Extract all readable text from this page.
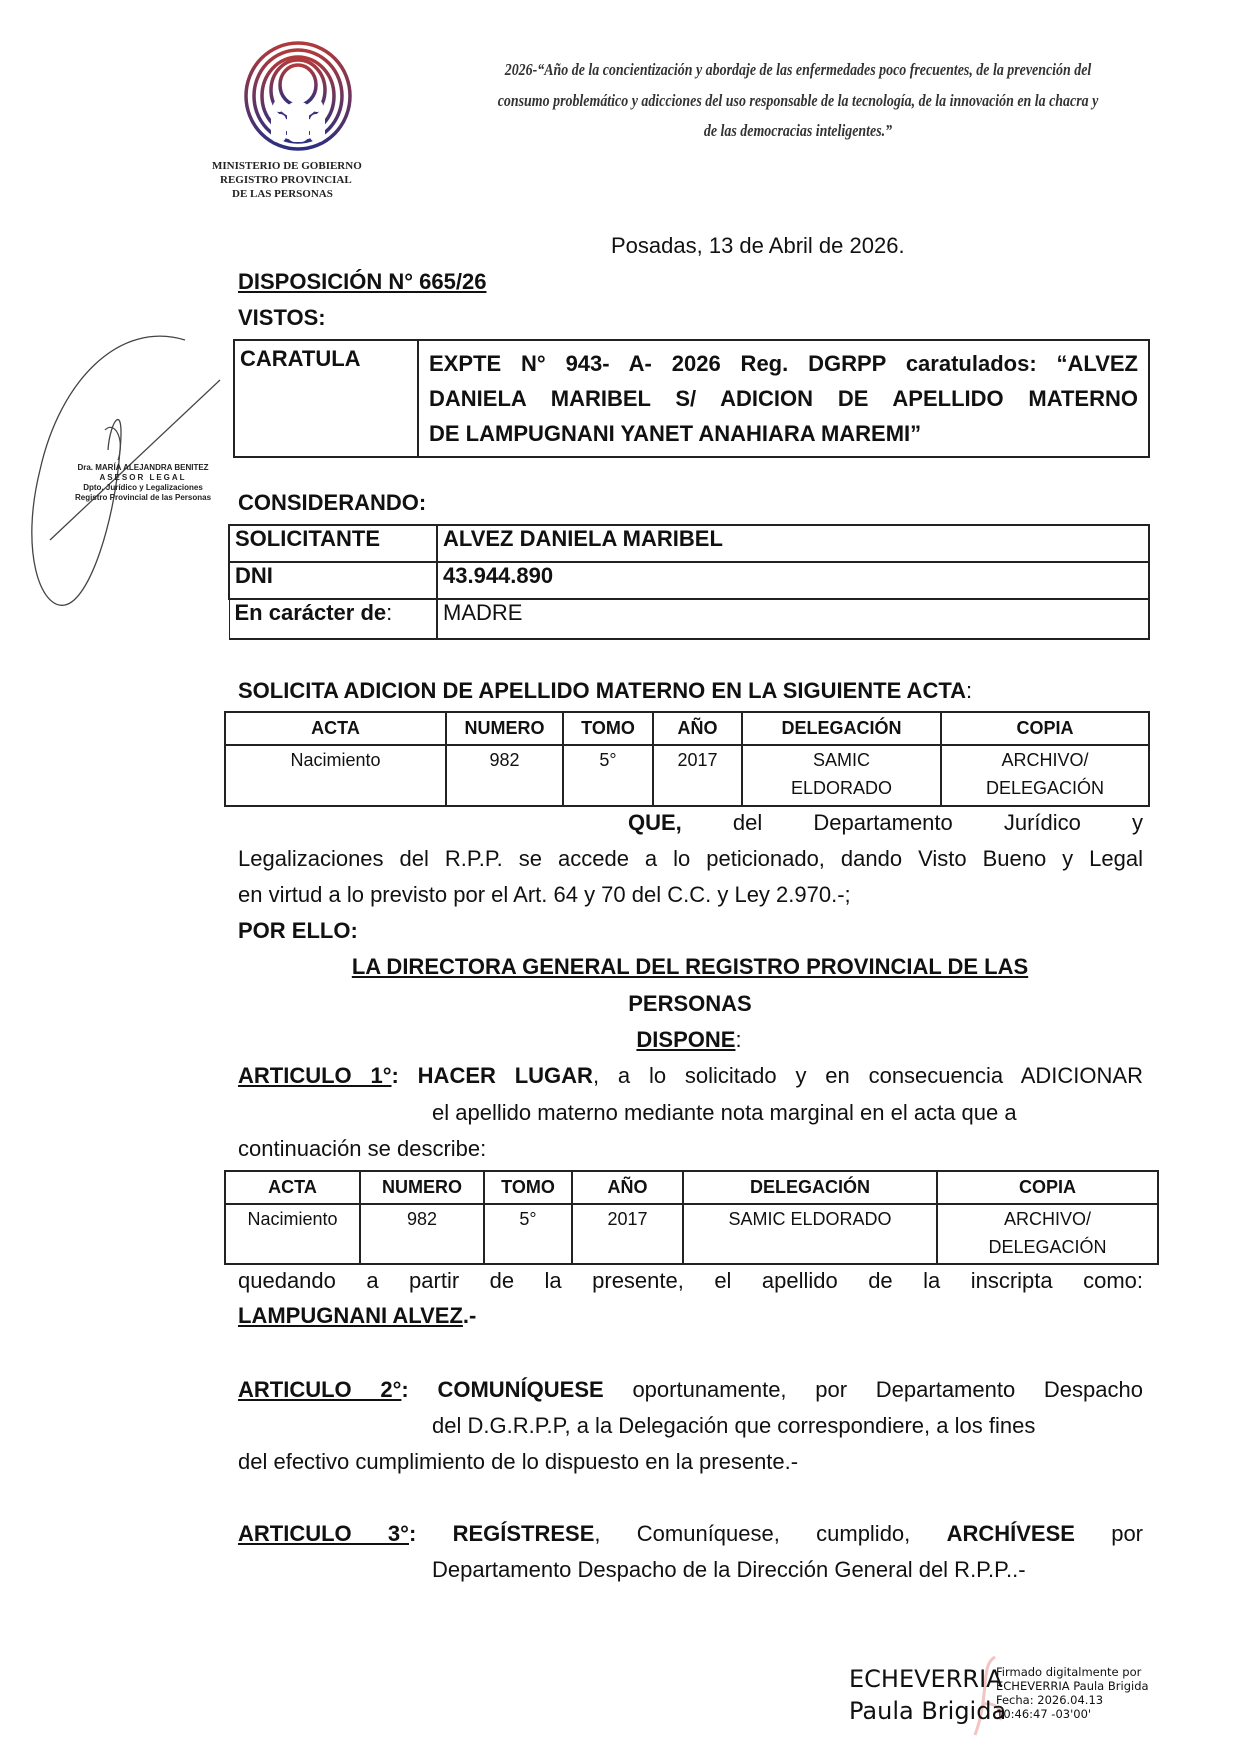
MINISTERIO DE GOBIERNO
REGISTRO PROVINCIAL
DE LAS PERSONAS
2026-“Año de la concientización y abordaje de las enfermedades poco frecuentes, de la prevención del
consumo problemático y adicciones del uso responsable de la tecnología, de la innovación en la chacra y
de las democracias inteligentes.”
Dra. MARÍA ALEJANDRA BENITEZ
ASESOR LEGAL
Dpto. Jurídico y Legalizaciones
Registro Provincial de las Personas
Posadas, 13 de Abril de 2026.
DISPOSICIÓN N° 665/26
VISTOS:
CARATULA	EXPTE N° 943- A- 2026 Reg. DGRPP caratulados: “ALVEZ
DANIELA MARIBEL S/ ADICION DE APELLIDO MATERNO
DE LAMPUGNANI YANET ANAHIARA MAREMI”
CONSIDERANDO:
SOLICITANTE	ALVEZ DANIELA MARIBEL
DNI	43.944.890
En carácter de:	MADRE
SOLICITA ADICION DE APELLIDO MATERNO EN LA SIGUIENTE ACTA:
ACTA	NUMERO	TOMO	AÑO	DELEGACIÓN	COPIA
Nacimiento	982	5°	2017	SAMIC ELDORADO	ARCHIVO/ DELEGACIÓN
QUE, del Departamento Jurídico y
Legalizaciones del R.P.P. se accede a lo peticionado, dando Visto Bueno y Legal
en virtud a lo previsto por el Art. 64 y 70 del C.C. y Ley 2.970.-;
POR ELLO:
LA DIRECTORA GENERAL DEL REGISTRO PROVINCIAL DE LAS
PERSONAS
DISPONE:
ARTICULO 1°: HACER LUGAR, a lo solicitado y en consecuencia ADICIONAR
el apellido materno mediante nota marginal en el acta que a
continuación se describe:
ACTA	NUMERO	TOMO	AÑO	DELEGACIÓN	COPIA
Nacimiento	982	5°	2017	SAMIC ELDORADO	ARCHIVO/ DELEGACIÓN
quedando a partir de la presente, el apellido de la inscripta como:
LAMPUGNANI ALVEZ.-
ARTICULO 2°: COMUNÍQUESE oportunamente, por Departamento Despacho
del D.G.R.P.P, a la Delegación que correspondiere, a los fines
del efectivo cumplimiento de lo dispuesto en la presente.-
ARTICULO 3°: REGÍSTRESE, Comuníquese, cumplido, ARCHÍVESE por
Departamento Despacho de la Dirección General del R.P.P..-
ECHEVERRIA
Paula Brigida
Firmado digitalmente por
ECHEVERRIA Paula Brigida
Fecha: 2026.04.13
10:46:47 -03'00'
